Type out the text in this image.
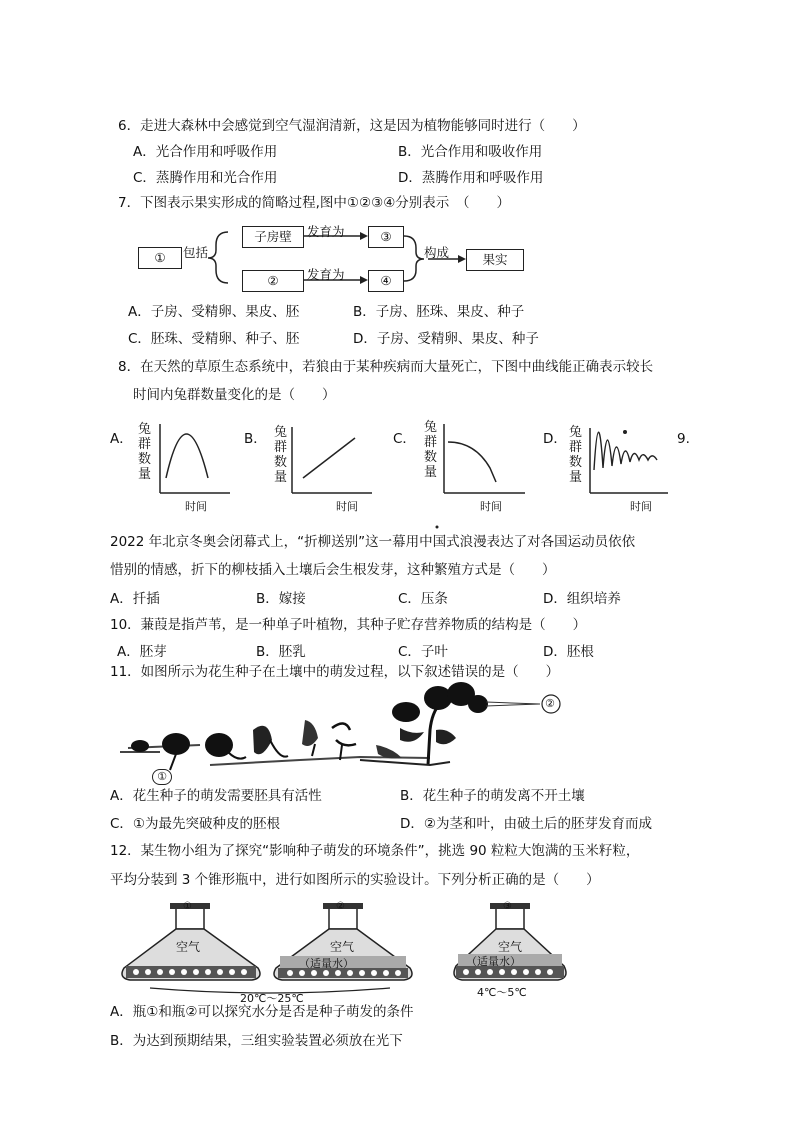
6．走进大森林中会感觉到空气湿润清新，这是因为植物能够同时进行（　　）
A．光合作用和呼吸作用	B．光合作用和吸收作用
C．蒸腾作用和光合作用	D．蒸腾作用和呼吸作用
7．下图表示果实形成的简略过程,图中①②③④分别表示　（　　）
①	包括
子房壁	发育为	③
②	发育为	④
构成	果实
A．子房、受精卵、果皮、胚	B．子房、胚珠、果皮、种子
C．胚珠、受精卵、种子、胚	D．子房、受精卵、果皮、种子
8．在天然的草原生态系统中，若狼由于某种疾病而大量死亡，下图中曲线能正确表示较长
时间内兔群数量变化的是（　　）
A．	B．	C．	D．	9.
兔群数量
兔群数量
兔群数量
兔群数量
时间	时间	时间	时间
2022 年北京冬奥会闭幕式上，“折柳送别”这一幕用中国式浪漫表达了对各国运动员依依
惜别的情感，折下的柳枝插入土壤后会生根发芽，这种繁殖方式是（　　）
A．扦插	B．嫁接	C．压条	D．组织培养
10．蒹葭是指芦苇，是一种单子叶植物，其种子贮存营养物质的结构是（　　）
A．胚芽	B．胚乳	C．子叶	D．胚根
11．如图所示为花生种子在土壤中的萌发过程，以下叙述错误的是（　　）
②
①
A．花生种子的萌发需要胚具有活性	B．花生种子的萌发离不开土壤
C．①为最先突破种皮的胚根	D．②为茎和叶，由破土后的胚芽发育而成
12．某生物小组为了探究“影响种子萌发的环境条件”，挑选 90 粒粒大饱满的玉米籽粒，
平均分装到 3 个锥形瓶中，进行如图所示的实验设计。下列分析正确的是（　　）
①	②	③
空气	空气	空气
（适量水）	（适量水）
20℃～25℃	4℃～5℃
A．瓶①和瓶②可以探究水分是否是种子萌发的条件
B．为达到预期结果，三组实验装置必须放在光下
